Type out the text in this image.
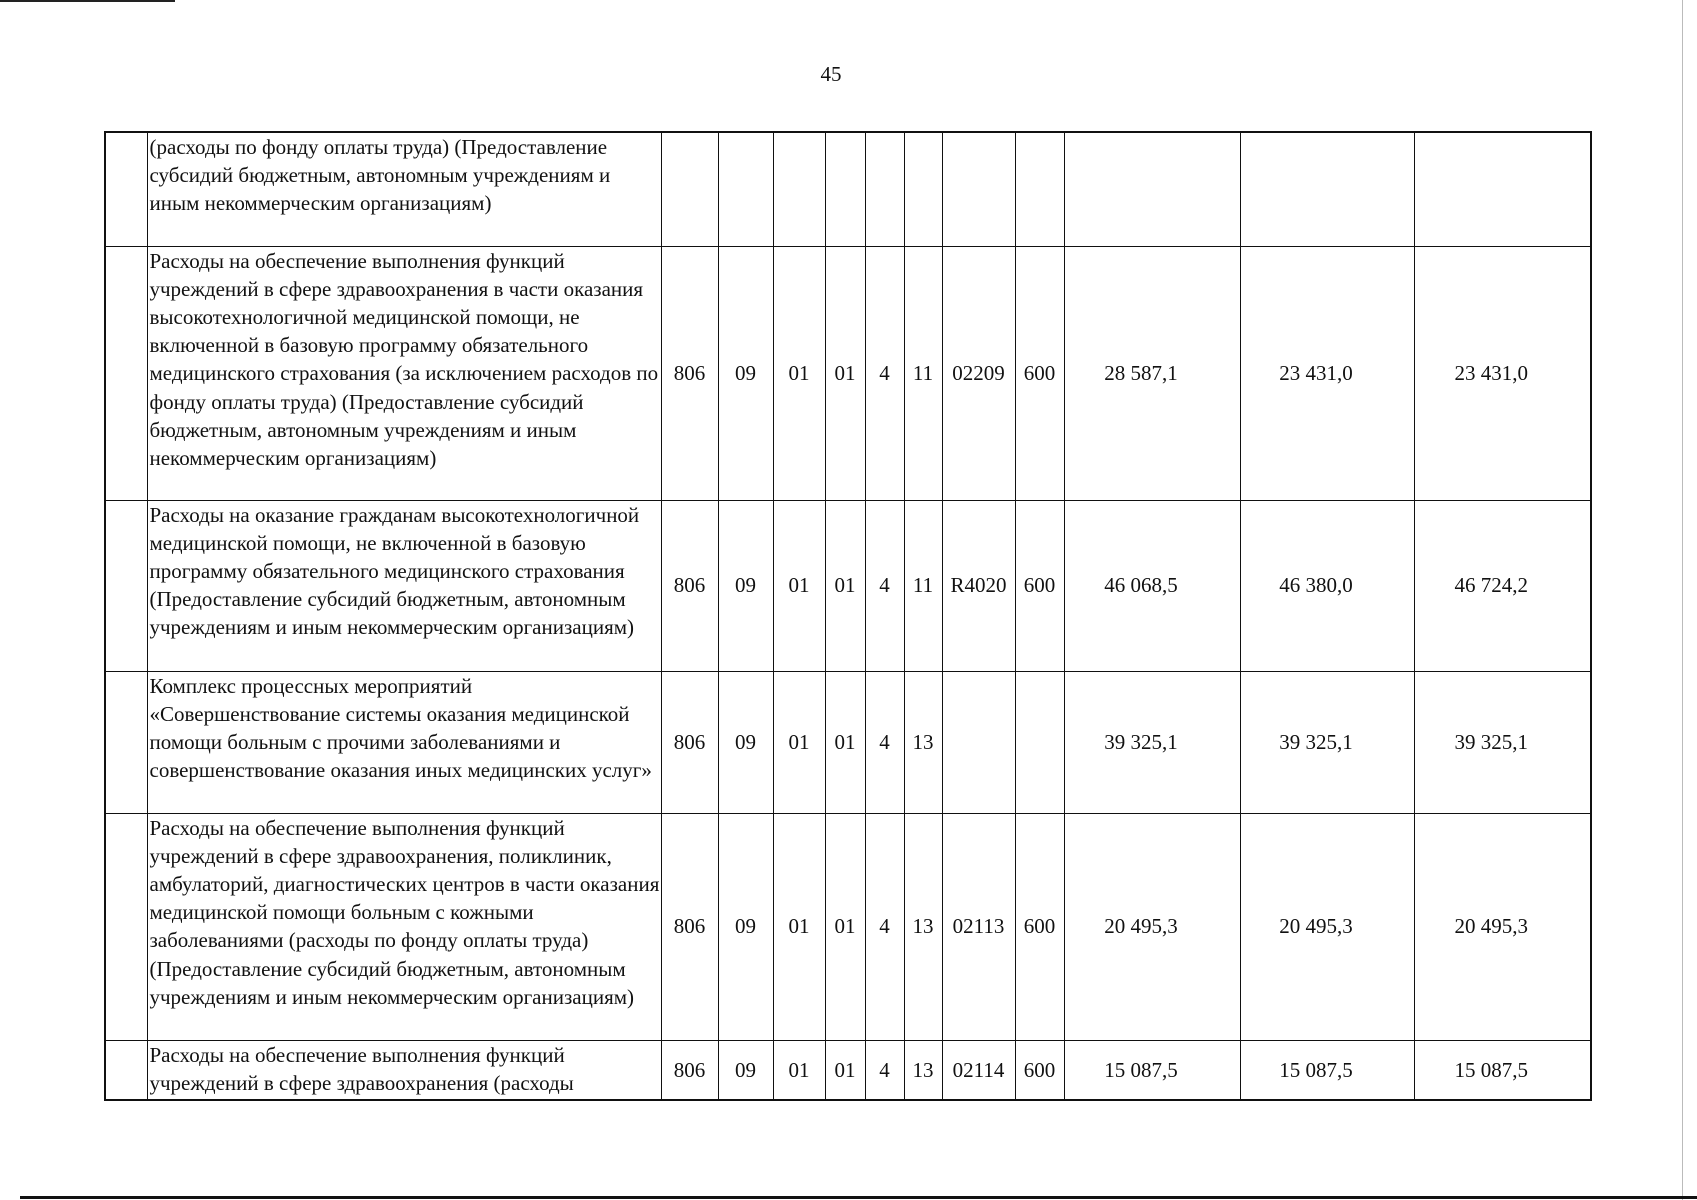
45
	(расходы по фонду оплаты труда) (Предоставление субсидий бюджетным, автономным учреждениям и иным некоммерческим организациям)											
	Расходы на обеспечение выполнения функций учреждений в сфере здравоохранения в части оказания высокотехнологичной медицинской помощи, не включенной в базовую программу обязательного медицинского страхования (за исключением расходов по фонду оплаты труда) (Предоставление субсидий бюджетным, автономным учреждениям и иным некоммерческим организациям)	806	09	01	01	4	11	02209	600	28 587,1	23 431,0	23 431,0
	Расходы на оказание гражданам высокотехнологичной медицинской помощи, не включенной в базовую программу обязательного медицинского страхования (Предоставление субсидий бюджетным, автономным учреждениям и иным некоммерческим организациям)	806	09	01	01	4	11	R4020	600	46 068,5	46 380,0	46 724,2
	Комплекс процессных мероприятий «Совершенствование системы оказания медицинской помощи больным с прочими заболеваниями и совершенствование оказания иных медицинских услуг»	806	09	01	01	4	13			39 325,1	39 325,1	39 325,1
	Расходы на обеспечение выполнения функций учреждений в сфере здравоохранения, поликлиник, амбулаторий, диагностических центров в части оказания медицинской помощи больным с кожными заболеваниями (расходы по фонду оплаты труда) (Предоставление субсидий бюджетным, автономным учреждениям и иным некоммерческим организациям)	806	09	01	01	4	13	02113	600	20 495,3	20 495,3	20 495,3
	Расходы на обеспечение выполнения функций учреждений в сфере здравоохранения (расходы	806	09	01	01	4	13	02114	600	15 087,5	15 087,5	15 087,5
